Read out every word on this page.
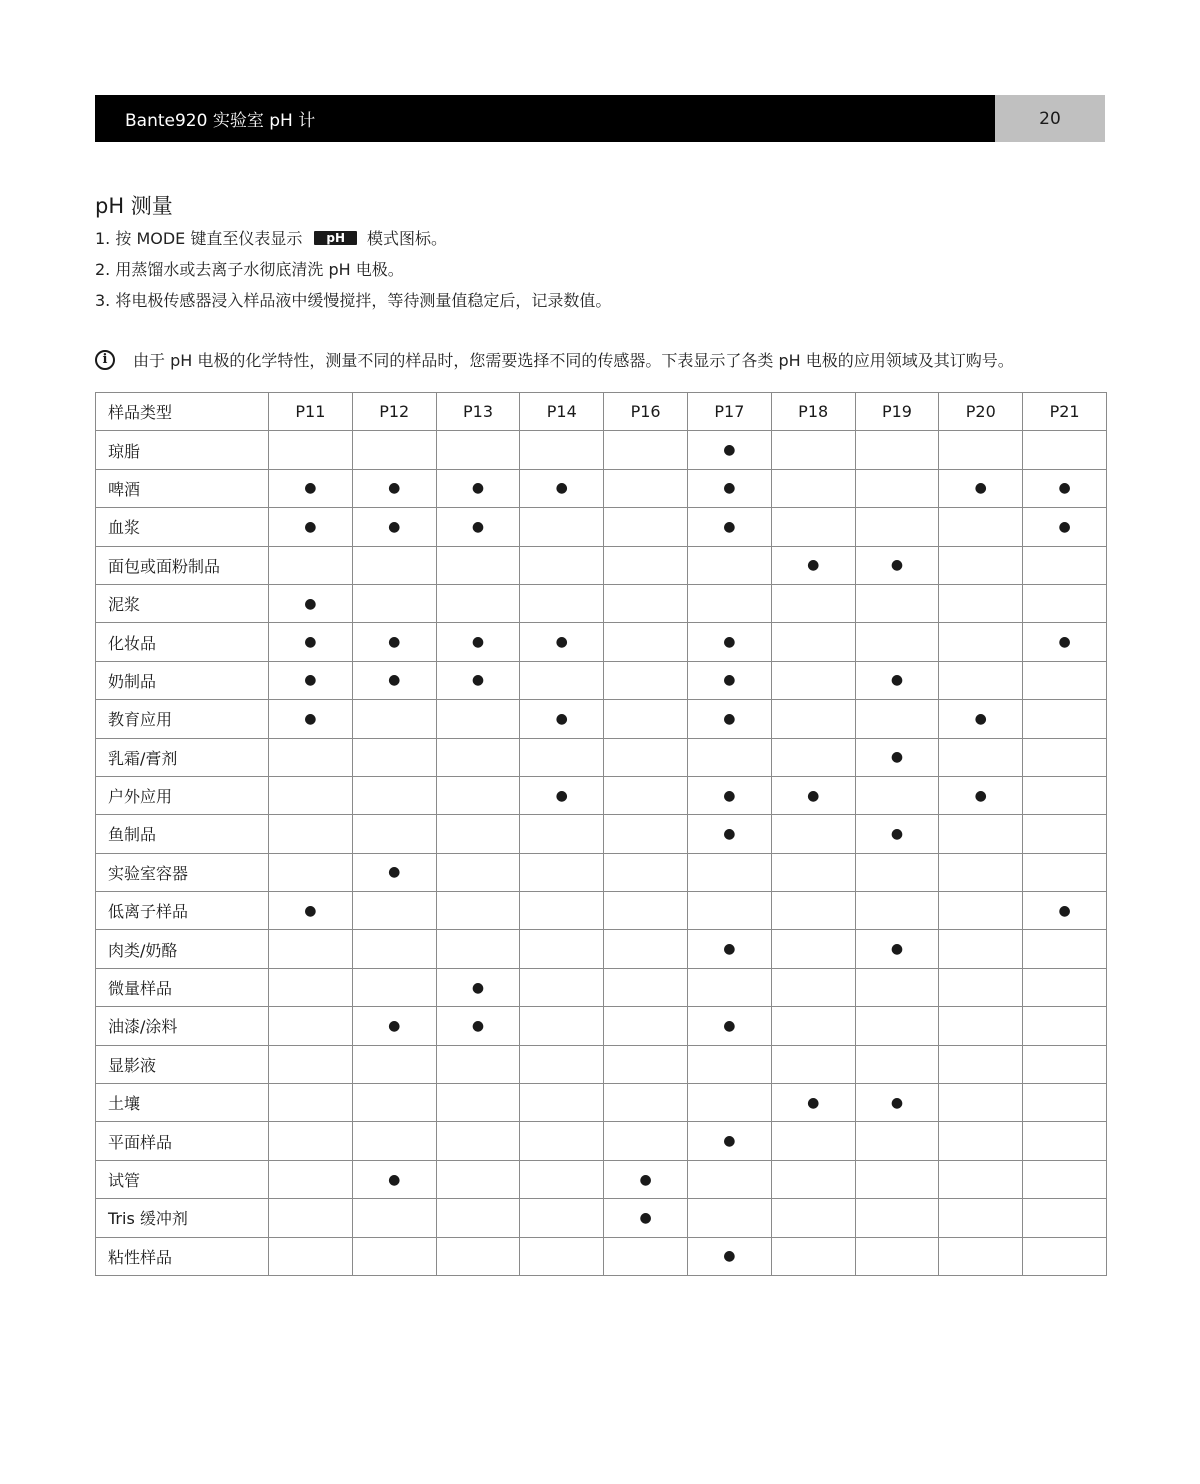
Bante920 实验室 pH 计	20
pH 测量
1. 按 MODE 键直至仪表显示	pH	模式图标。
2. 用蒸馏水或去离子水彻底清洗 pH 电极。
3. 将电极传感器浸入样品液中缓慢搅拌，等待测量值稳定后，记录数值。
i	由于 pH 电极的化学特性，测量不同的样品时，您需要选择不同的传感器。下表显示了各类 pH 电极的应用领域及其订购号。
样品类型	P11	P12	P13	P14	P16	P17	P18	P19	P20	P21
琼脂						●				
啤酒	●	●	●	●		●			●	●
血浆	●	●	●			●				●
面包或面粉制品							●	●		
泥浆	●									
化妆品	●	●	●	●		●				●
奶制品	●	●	●			●		●		
教育应用	●			●		●			●	
乳霜/膏剂								●		
户外应用				●		●	●		●	
鱼制品						●		●		
实验室容器		●								
低离子样品	●									●
肉类/奶酪						●		●		
微量样品			●							
油漆/涂料		●	●			●				
显影液										
土壤							●	●		
平面样品						●				
试管		●			●					
Tris 缓冲剂					●					
粘性样品						●				
